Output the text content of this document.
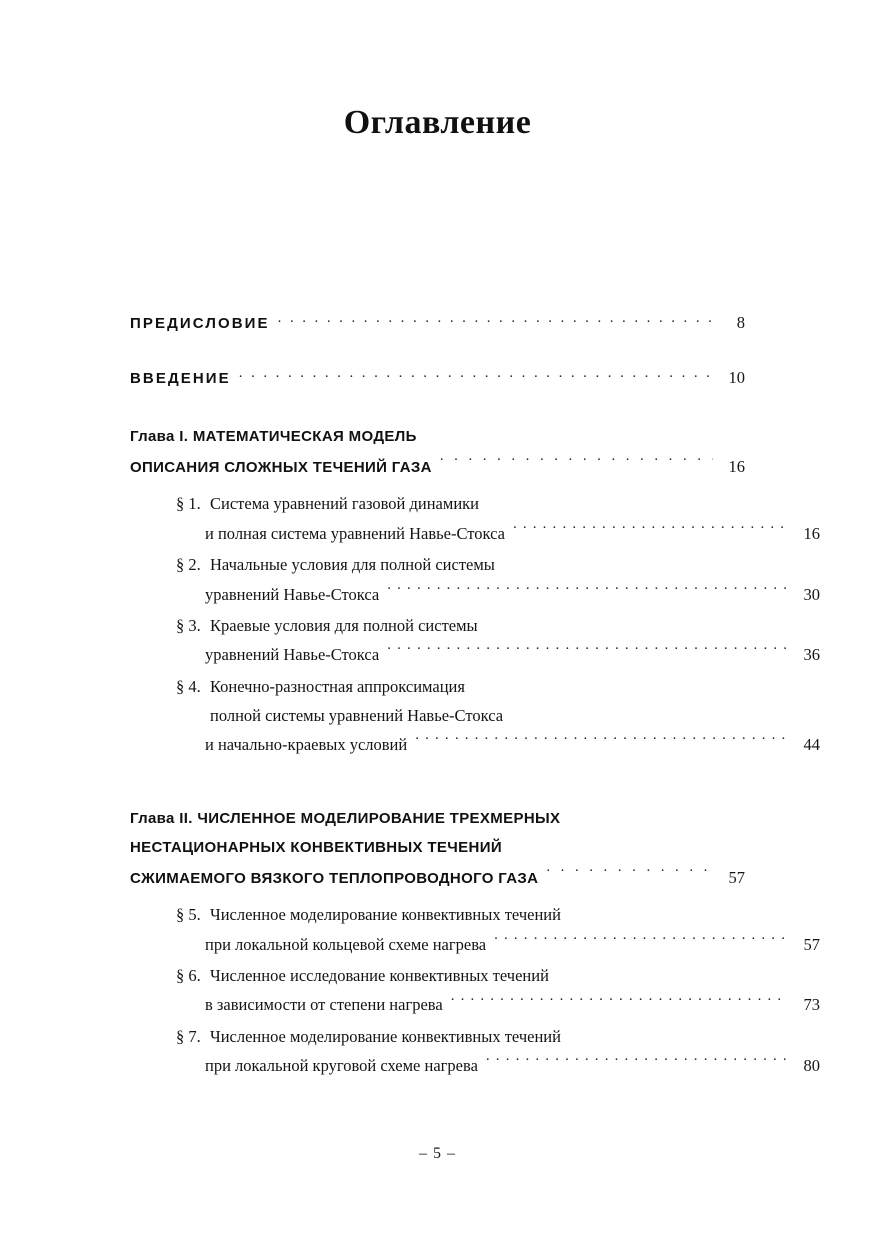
Оглавление
ПРЕДИСЛОВИЕ . . .	8
ВВЕДЕНИЕ . . .	10
Глава I. МАТЕМАТИЧЕСКАЯ МОДЕЛЬ
ОПИСАНИЯ СЛОЖНЫХ ТЕЧЕНИЙ ГАЗА . . .	16
§ 1. Система уравнений газовой динамики
и полная система уравнений Навье-Стокса . . .	16
§ 2. Начальные условия для полной системы
уравнений Навье-Стокса . . .	30
§ 3. Краевые условия для полной системы
уравнений Навье-Стокса . . .	36
§ 4. Конечно-разностная аппроксимация
полной системы уравнений Навье-Стокса
и начально-краевых условий . . .	44
Глава II. ЧИСЛЕННОЕ МОДЕЛИРОВАНИЕ ТРЕХМЕРНЫХ
НЕСТАЦИОНАРНЫХ КОНВЕКТИВНЫХ ТЕЧЕНИЙ
СЖИМАЕМОГО ВЯЗКОГО ТЕПЛОПРОВОДНОГО ГАЗА . . .	57
§ 5. Численное моделирование конвективных течений
при локальной кольцевой схеме нагрева . . .	57
§ 6. Численное исследование конвективных течений
в зависимости от степени нагрева . . .	73
§ 7. Численное моделирование конвективных течений
при локальной круговой схеме нагрева . . .	80
– 5 –
